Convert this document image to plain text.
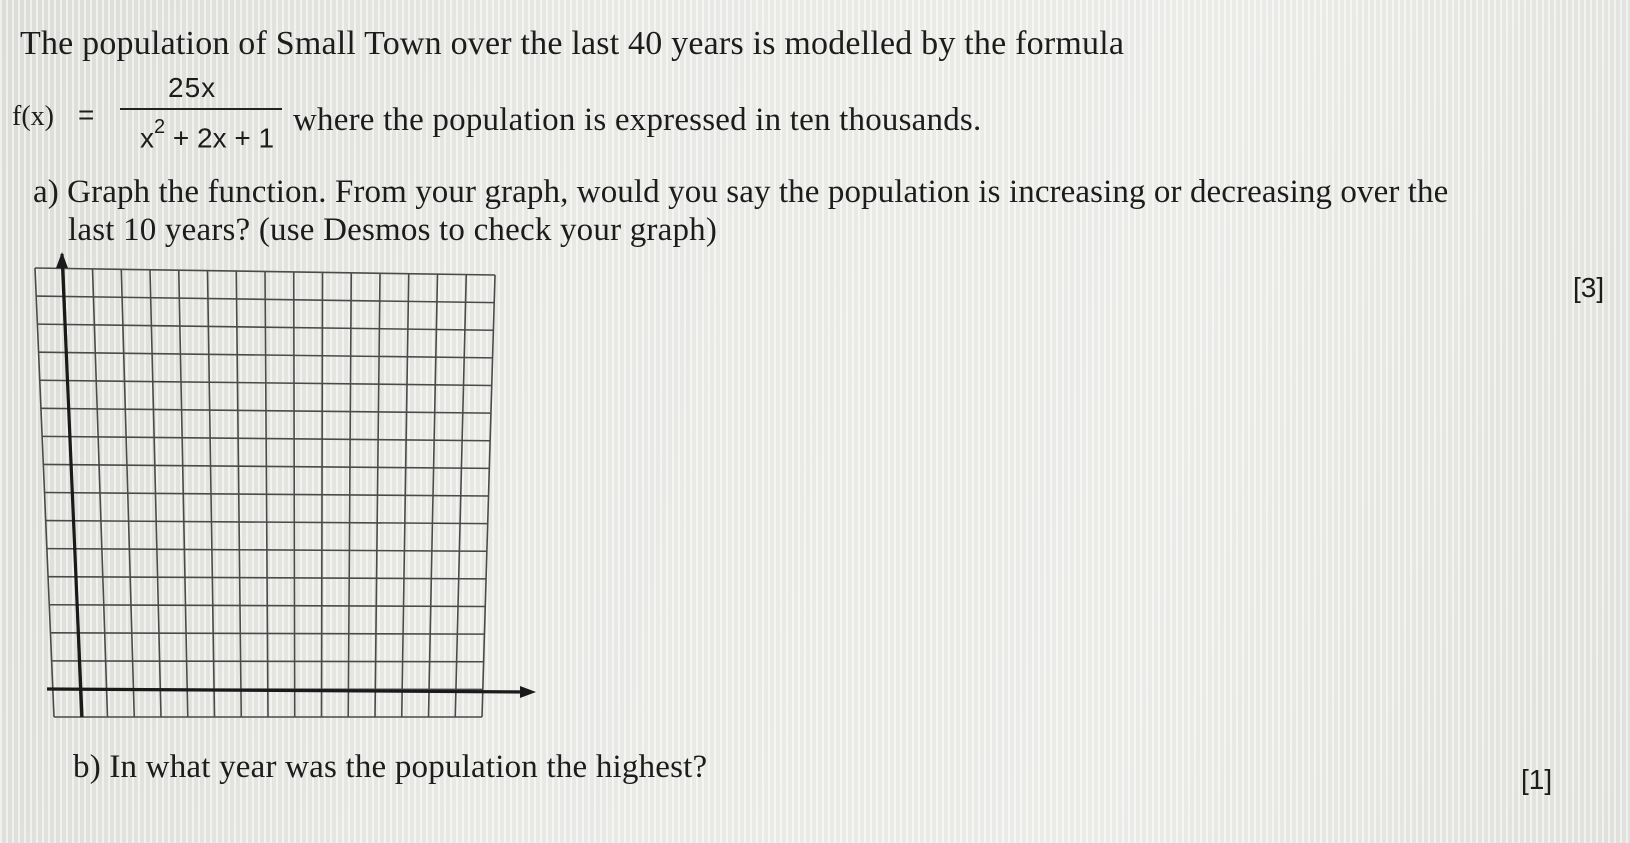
The population of Small Town over the last 40 years is modelled by the formula
f(x) =
25x
$x^2 + 2x + 1$ where the population is expressed in ten thousands.
a) Graph the function. From your graph, would you say the population is increasing or decreasing over the
last 10 years? (use Desmos to check your graph)
[3]
b) In what year was the population the highest?	[1]
